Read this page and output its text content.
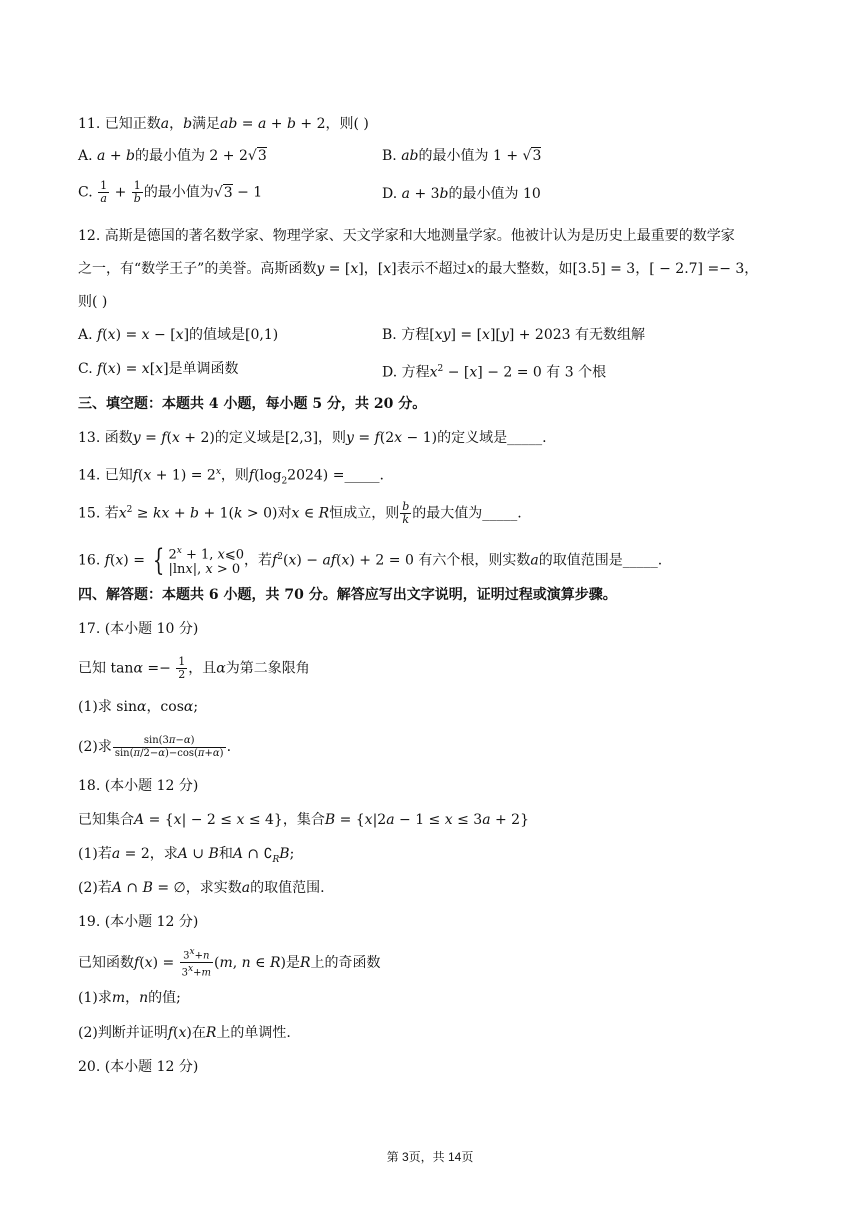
11. 已知正数a，b满足ab = a + b + 2，则( )
A. a + b的最小值为 2 + 2√3	B. ab的最小值为 1 + √3
C. $\frac{1}{a} + \frac{1}{b}$ 的最小值为√3 − 1	D. a + 3b的最小值为 10
12. 高斯是德国的著名数学家、物理学家、天文学家和大地测量学家。他被计认为是历史上最重要的数学家
之一，有“数学王子”的美誉。高斯函数y = [x]，[x]表示不超过x的最大整数，如[3.5] = 3，[ − 2.7] =− 3，
则( )
A. f(x) = x − [x]的值域是[0,1)	B. 方程[xy] = [x][y] + 2023 有无数组解
C. f(x) = x[x]是单调函数	D. 方程$x^2 - [x] - 2 = 0$ 有 3 个根
三、填空题：本题共 4 小题，每小题 5 分，共 20 分。
13. 函数y = f(x + 2)的定义域是[2,3]，则y = f(2x − 1)的定义域是_____.
14. 已知$f(x + 1) = 2^x$，则$f(\log_22024)$ =_____.
15. 若$x^2$ ≥ kx + b + 1(k > 0)对x ∈ R恒成立，则 $\frac{b}{k}$ 的最大值为_____.
16. f(x) = { $2^x + 1$, x⩽0
|lnx|, x > 0
，若$f^2(x) - af(x) + 2 = 0$ 有六个根，则实数a的取值范围是_____.
四、解答题：本题共 6 小题，共 70 分。解答应写出文字说明，证明过程或演算步骤。
17. (本小题 10 分)
已知 $\tan\alpha =- \frac{1}{2}$ ，且α为第二象限角
(1)求 sinα，cosα;
(2)求 $\frac{\sin(3\pi-\alpha)}{\sin(\pi/2-\alpha)-\cos(\pi+\alpha)}$ .
18. (本小题 12 分)
已知集合A = {x| − 2 ≤ x ≤ 4}，集合B = {x|2a − 1 ≤ x ≤ 3a + 2}
(1)若a = 2，求A ∪ B和A ∩ $∁_RB$;
(2)若A ∩ B = ∅，求实数a的取值范围.
19. (本小题 12 分)
已知函数$f(x) = \frac{3^x+n}{3^x+m} (m$, n ∈ R)是R上的奇函数
(1)求m，n的值;
(2)判断并证明f(x)在R上的单调性.
20. (本小题 12 分)
第 3页，共 14页
